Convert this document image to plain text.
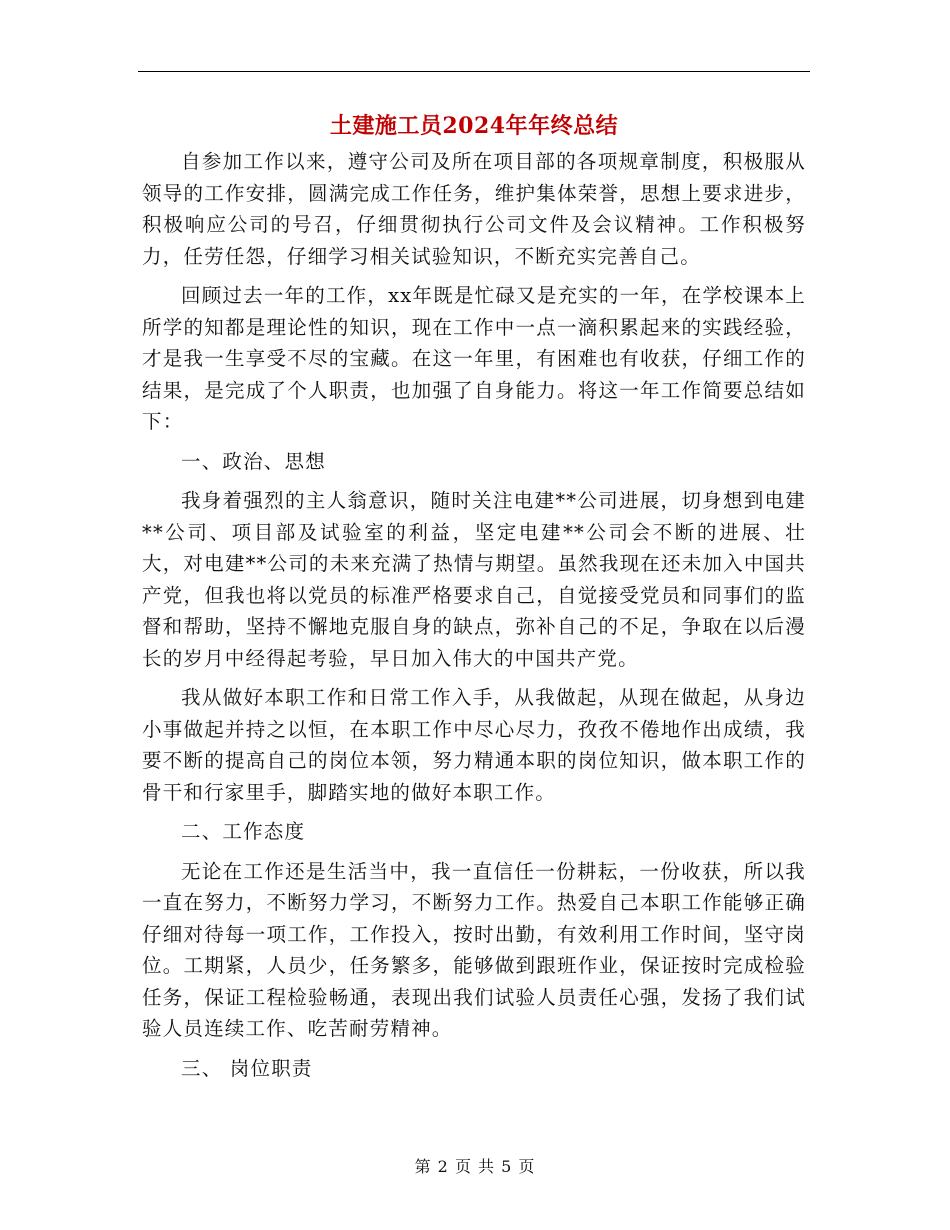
土建施工员2024年年终总结

自参加工作以来，遵守公司及所在项目部的各项规章制度，积极服从领导的工作安排，圆满完成工作任务，维护集体荣誉，思想上要求进步，积极响应公司的号召，仔细贯彻执行公司文件及会议精神。工作积极努力，任劳任怨，仔细学习相关试验知识，不断充实完善自己。

回顾过去一年的工作，xx年既是忙碌又是充实的一年，在学校课本上所学的知都是理论性的知识，现在工作中一点一滴积累起来的实践经验，才是我一生享受不尽的宝藏。在这一年里，有困难也有收获，仔细工作的结果，是完成了个人职责，也加强了自身能力。将这一年工作简要总结如下：

一、政治、思想

我身着强烈的主人翁意识，随时关注电建**公司进展，切身想到电建**公司、项目部及试验室的利益，坚定电建**公司会不断的进展、壮大，对电建**公司的未来充满了热情与期望。虽然我现在还未加入中国共产党，但我也将以党员的标准严格要求自己，自觉接受党员和同事们的监督和帮助，坚持不懈地克服自身的缺点，弥补自己的不足，争取在以后漫长的岁月中经得起考验，早日加入伟大的中国共产党。

我从做好本职工作和日常工作入手，从我做起，从现在做起，从身边小事做起并持之以恒，在本职工作中尽心尽力，孜孜不倦地作出成绩，我要不断的提高自己的岗位本领，努力精通本职的岗位知识，做本职工作的骨干和行家里手，脚踏实地的做好本职工作。

二、工作态度

无论在工作还是生活当中，我一直信任一份耕耘，一份收获，所以我一直在努力，不断努力学习，不断努力工作。热爱自己本职工作能够正确仔细对待每一项工作，工作投入，按时出勤，有效利用工作时间，坚守岗位。工期紧，人员少，任务繁多，能够做到跟班作业，保证按时完成检验任务，保证工程检验畅通，表现出我们试验人员责任心强，发扬了我们试验人员连续工作、吃苦耐劳精神。

三、 岗位职责

第 2 页 共 5 页
